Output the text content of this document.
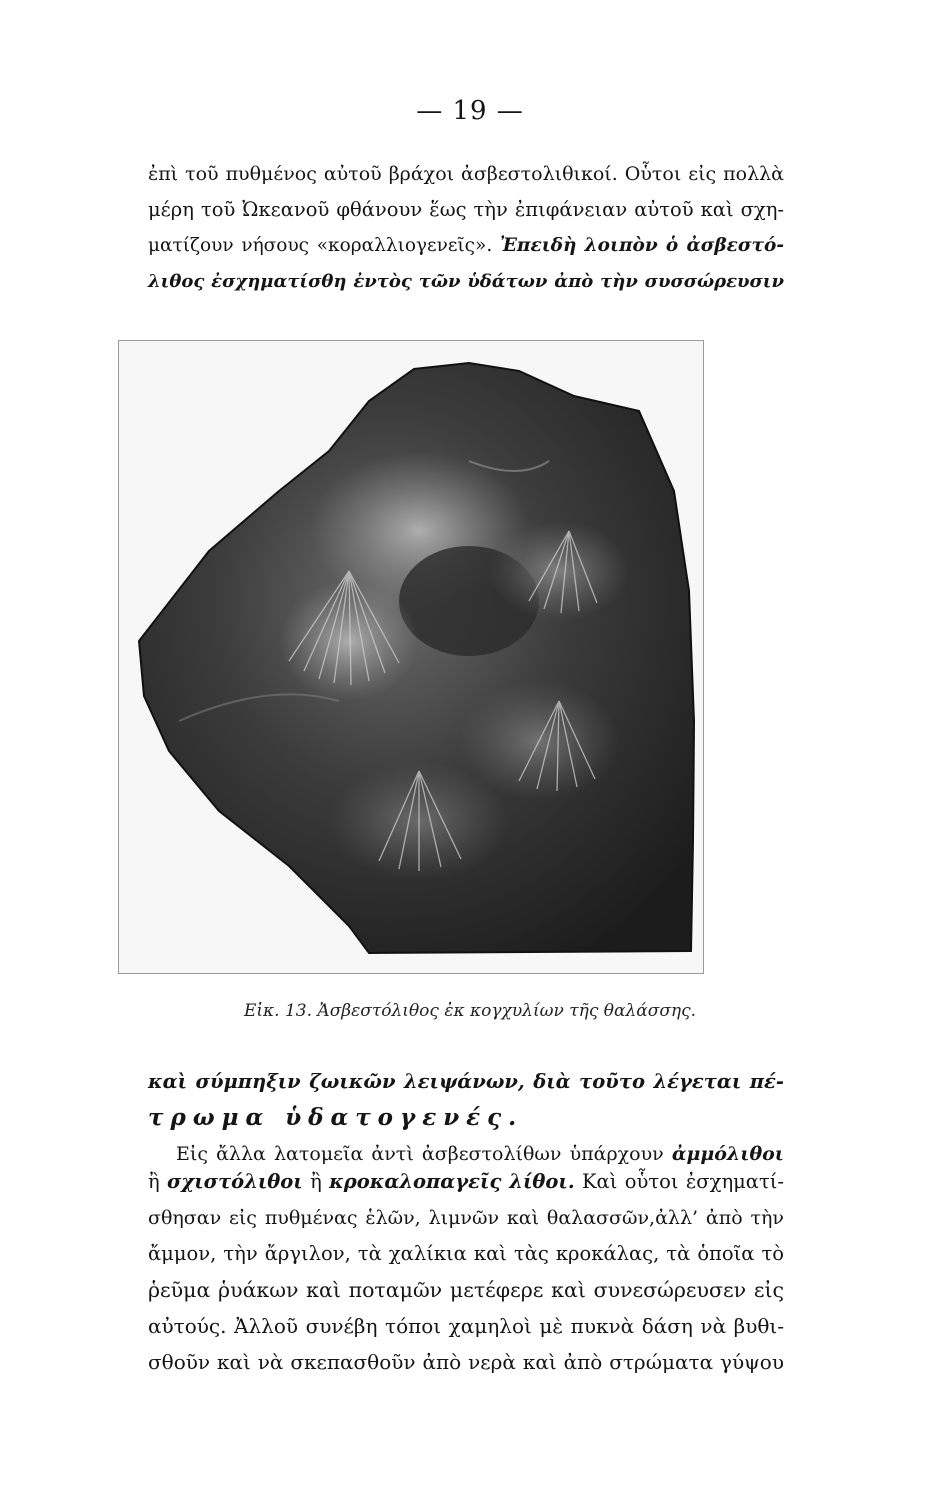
— 19 —
ἐπὶ τοῦ πυθμένος αὐτοῦ βράχοι ἀσβεστολιθικοί. Οὗτοι εἰς πολλὰ
μέρη τοῦ Ὠκεανοῦ φθάνουν ἕως τὴν ἐπιφάνειαν αὐτοῦ καὶ σχη-
ματίζουν νήσους «κοραλλιογενεῖς». Ἐπειδὴ λοιπὸν ὁ ἀσβεστό-
λιθος ἐσχηματίσθη ἐντὸς τῶν ὑδάτων ἀπὸ τὴν συσσώρευσιν
Εἰκ. 13. Ἀσβεστόλιθος ἐκ κογχυλίων τῆς θαλάσσης.
καὶ σύμπηξιν ζωικῶν λειψάνων, διὰ τοῦτο λέγεται πέ-
τρωμα ὑδατογενές.
Εἰς ἄλλα λατομεῖα ἀντὶ ἀσβεστολίθων ὑπάρχουν ἀμμόλιθοι
ἢ σχιστόλιθοι ἢ κροκαλοπαγεῖς λίθοι. Καὶ οὗτοι ἐσχηματί-
σθησαν εἰς πυθμένας ἑλῶν, λιμνῶν καὶ θαλασσῶν,ἀλλ’ ἀπὸ τὴν
ἄμμον, τὴν ἄργιλον, τὰ χαλίκια καὶ τὰς κροκάλας, τὰ ὁποῖα τὸ
ῥεῦμα ῥυάκων καὶ ποταμῶν μετέφερε καὶ συνεσώρευσεν εἰς
αὐτούς. Ἀλλοῦ συνέβη τόποι χαμηλοὶ μὲ πυκνὰ δάση νὰ βυθι-
σθοῦν καὶ νὰ σκεπασθοῦν ἀπὸ νερὰ καὶ ἀπὸ στρώματα γύψου
